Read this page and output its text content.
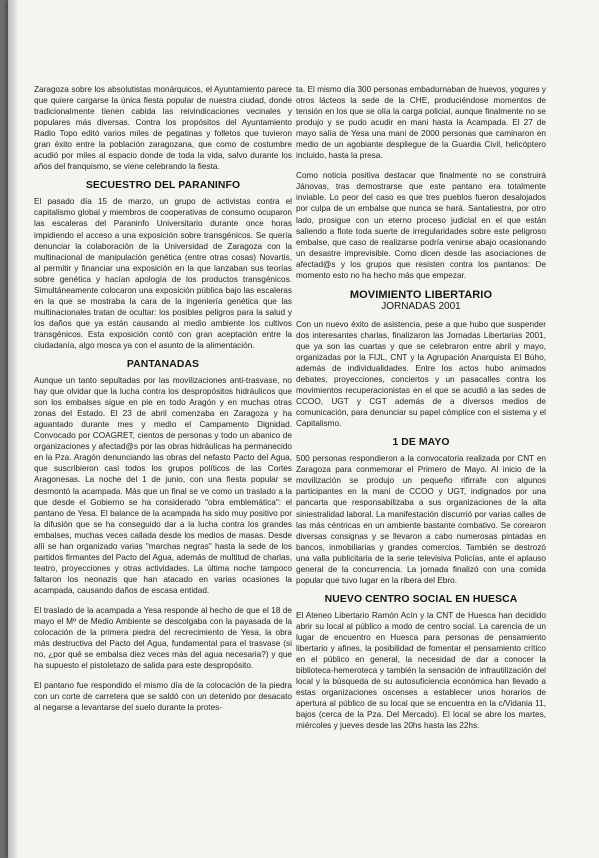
Zaragoza sobre los absolutistas monárquicos, el Ayuntamiento parece que quiere cargarse la única fiesta popular de nuestra ciudad, donde tradicionalmente tienen cabida las reivindicaciones vecinales y populares más diversas. Contra los propósitos del Ayuntamiento Radio Topo editó varios miles de pegatinas y folletos que tuvieron gran éxito entre la población zaragozana, que como de costumbre acudió por miles al espacio donde de toda la vida, salvo durante los años del franquismo, se viene celebrando la fiesta.

SECUESTRO DEL PARANINFO

El pasado día 15 de marzo, un grupo de activistas contra el capitalismo global y miembros de cooperativas de consumo ocuparon las escaleras del Paraninfo Universitario durante once horas impidiendo el acceso a una exposición sobre transgénicos. Se quería denunciar la colaboración de la Universidad de Zaragoza con la multinacional de manipulación genética (entre otras cosas) Novartis, al permitir y financiar una exposición en la que lanzaban sus teorías sobre genética y hacían apología de los productos transgénicos. Simultáneamente colocaron una exposición pública bajo las escaleras en la que se mostraba la cara de la ingeniería genética que las multinacionales tratan de ocultar: los posibles peligros para la salud y los daños que ya están causando al medio ambiente los cultivos transgénicos. Esta exposición contó con gran aceptación entre la ciudadanía, algo mosca ya con el asunto de la alimentación.

PANTANADAS

Aunque un tanto sepultadas por las movilizaciones anti-trasvase, no hay que olvidar que la lucha contra los despropósitos hidráulicos que son los embalses sigue en pie en todo Aragón y en muchas otras zonas del Estado. El 23 de abril comenzaba en Zaragoza y ha aguantado durante mes y medio el Campamento Dignidad. Convocado por COAGRET, cientos de personas y todo un abanico de organizaciones y afectad@s por las obras hidráulicas ha permanecido en la Pza. Aragón denunciando las obras del nefasto Pacto del Agua, que suscribieron casi todos los grupos políticos de las Cortes Aragonesas. La noche del 1 de junio, con una fiesta popular se desmontó la acampada. Más que un final se ve como un traslado a la que desde el Gobierno se ha considerado "obra emblemática": el pantano de Yesa. El balance de la acampada ha sido muy positivo por la difusión que se ha conseguido dar a la lucha contra los grandes embalses, muchas veces callada desde los medios de masas. Desde allí se han organizado varias "marchas negras" hasta la sede de los partidos firmantes del Pacto del Agua, además de multitud de charlas, teatro, proyecciones y otras actividades. La última noche tampoco faltaron los neonazis que han atacado en varias ocasiones la acampada, causando daños de escasa entidad.

El traslado de la acampada a Yesa responde al hecho de que el 18 de mayo el Mº de Medio Ambiente se descolgaba con la payasada de la colocación de la primera piedra del recrecimiento de Yesa, la obra más destructiva del Pacto del Agua, fundamental para el trasvase (si no, ¿por qué se embalsa diez veces más del agua necesaria?) y que ha supuesto el pistoletazo de salida para este despropósito.

El pantano fue respondido el mismo día de la colocación de la piedra con un corte de carretera que se saldó con un detenido por desacato al negarse a levantarse del suelo durante la protes-

ta. El mismo día 300 personas embadurnaban de huevos, yogures y otros lácteos la sede de la CHE, produciéndose momentos de tensión en los que se olía la carga policial, aunque finalmente no se produjo y se pudo acudir en mani hasta la Acampada. El 27 de mayo salía de Yesa una mani de 2000 personas que caminaron en medio de un agobiante despliegue de la Guardia Civil, helicóptero incluido, hasta la presa.

Como noticia positiva destacar que finalmente no se construirá Jánovas, tras demostrarse que este pantano era totalmente inviable. Lo peor del caso es que tres pueblos fueron desalojados por culpa de un embalse que nunca se hará. Santaliestra, por otro lado, prosigue con un eterno proceso judicial en el que están saliendo a flote toda suerte de irregularidades sobre este peligroso embalse, que caso de realizarse podría venirse abajo ocasionando un desastre imprevisible. Como dicen desde las asociaciones de afectad@s y los grupos que resisten contra los pantanos: De momento esto no ha hecho más que empezar.

MOVIMIENTO LIBERTARIO
JORNADAS 2001

Con un nuevo éxito de asistencia, pese a que hubo que suspender dos interesantes charlas, finalizaron las Jornadas Libertarias 2001, que ya son las cuartas y que se celebraron entre abril y mayo, organizadas por la FIJL, CNT y la Agrupación Anarquista El Búho, además de individualidades. Entre los actos hubo animados debates, proyecciones, conciertos y un pasacalles contra los movimientos recuperacionistas en el que se acudió a las sedes de CCOO, UGT y CGT además de a diversos medios de comunicación, para denunciar su papel cómplice con el sistema y el Capitalismo.

1 DE MAYO

500 personas respondieron a la convocatoria realizada por CNT en Zaragoza para conmemorar el Primero de Mayo. Al inicio de la movilización se produjo un pequeño rifirrafe con algunos participantes en la mani de CCOO y UGT, indignados por una pancarta que responsabilizaba a sus organizaciones de la alta siniestralidad laboral. La manifestación discurrió por varias calles de las más céntricas en un ambiente bastante combativo. Se corearon diversas consignas y se llevaron a cabo numerosas pintadas en bancos, inmobiliarias y grandes comercios. También se destrozó una valla publicitaria de la serie televisiva Policías, ante el aplauso general de la concurrencia. La jornada finalizó con una comida popular que tuvo lugar en la ribera del Ebro.

NUEVO CENTRO SOCIAL EN HUESCA

El Ateneo Libertario Ramón Acín y la CNT de Huesca han decidido abrir su local al público a modo de centro social. La carencia de un lugar de encuentro en Huesca para personas de pensamiento libertario y afines, la posibilidad de fomentar el pensamiento crítico en el público en general, la necesidad de dar a conocer la biblioteca-hemeroteca y también la sensación de infrautilización del local y la búsqueda de su autosuficiencia económica han llevado a estas organizaciones oscenses a establecer unos horarios de apertura al público de su local que se encuentra en la c/Vidania 11, bajos (cerca de la Pza. Del Mercado). El local se abre los martes, miércoles y jueves desde las 20hs hasta las 22hs.
